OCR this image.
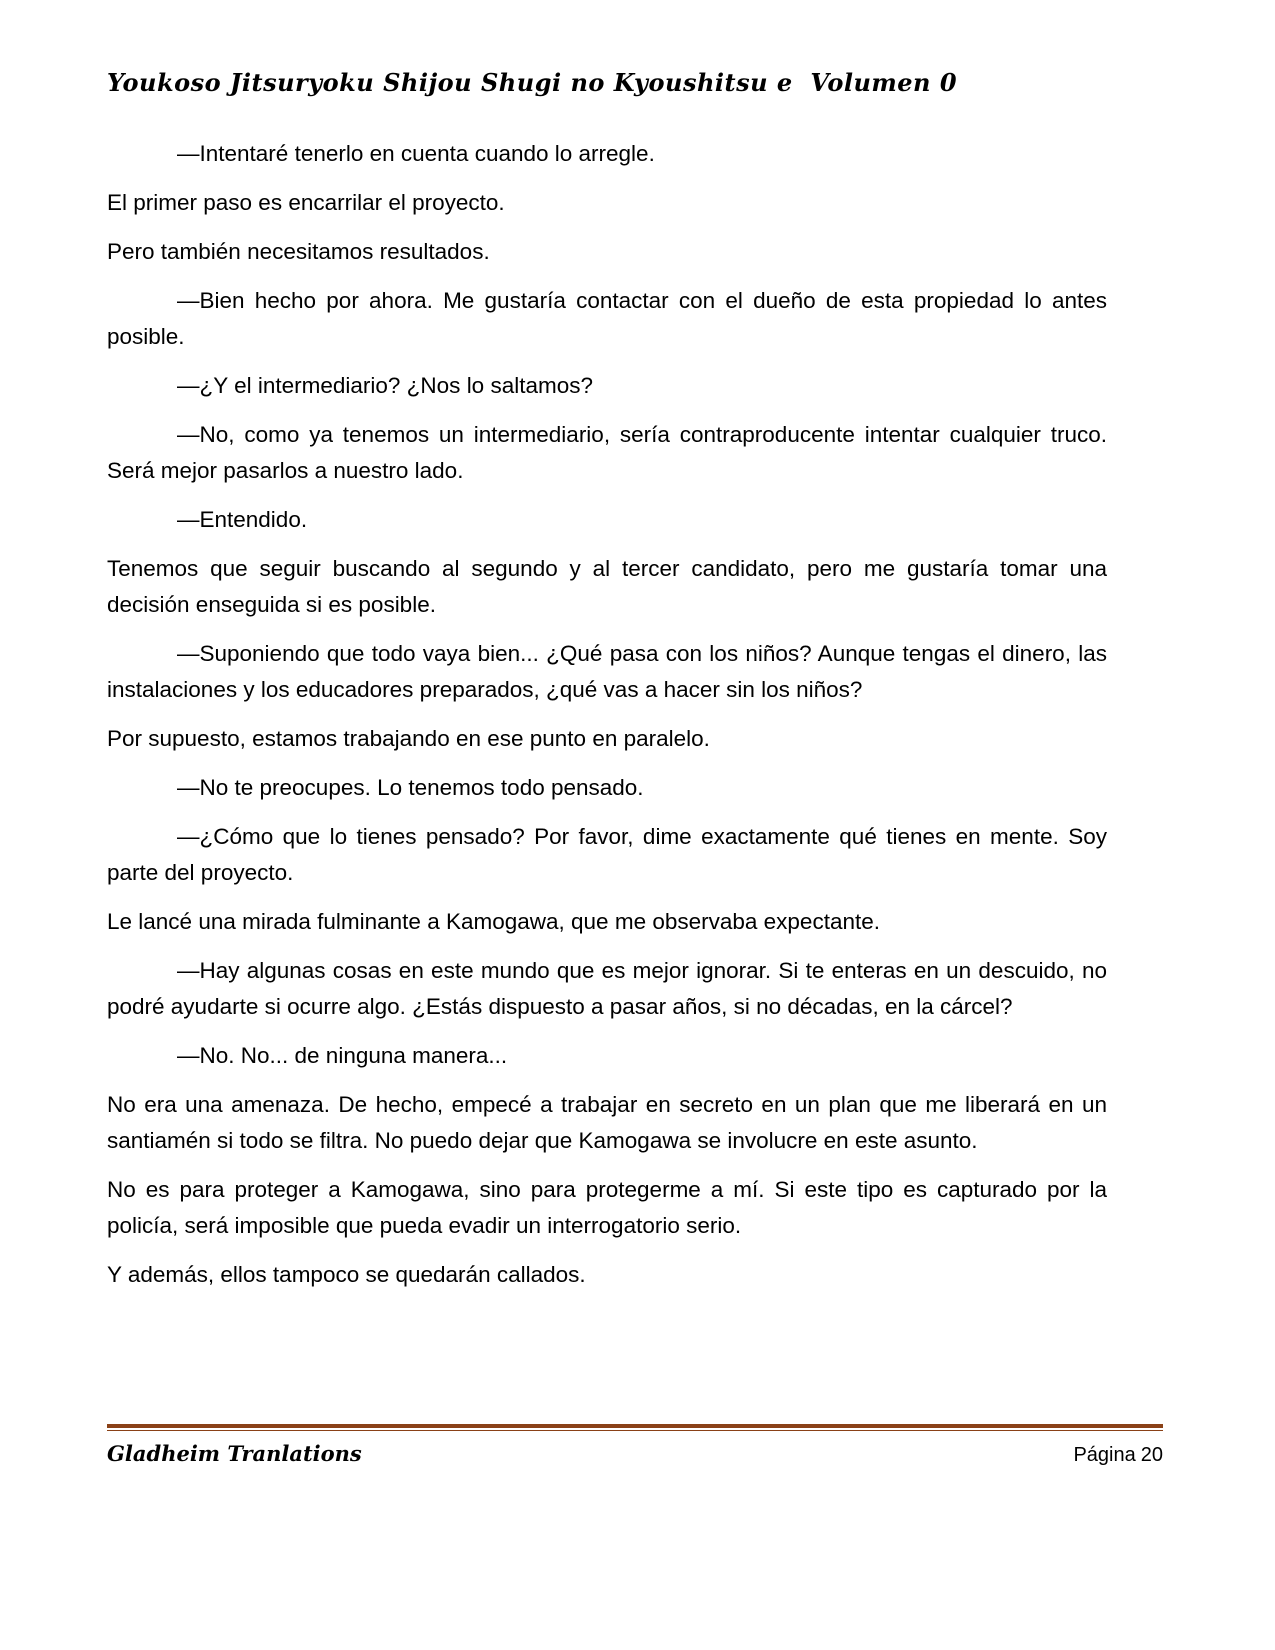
Youkoso Jitsuryoku Shijou Shugi no Kyoushitsu e  Volumen 0

—Intentaré tenerlo en cuenta cuando lo arregle.

El primer paso es encarrilar el proyecto.

Pero también necesitamos resultados.

—Bien hecho por ahora. Me gustaría contactar con el dueño de esta propiedad lo antes posible.

—¿Y el intermediario? ¿Nos lo saltamos?

—No, como ya tenemos un intermediario, sería contraproducente intentar cualquier truco. Será mejor pasarlos a nuestro lado.

—Entendido.

Tenemos que seguir buscando al segundo y al tercer candidato, pero me gustaría tomar una decisión enseguida si es posible.

—Suponiendo que todo vaya bien... ¿Qué pasa con los niños? Aunque tengas el dinero, las instalaciones y los educadores preparados, ¿qué vas a hacer sin los niños?

Por supuesto, estamos trabajando en ese punto en paralelo.

—No te preocupes. Lo tenemos todo pensado.

—¿Cómo que lo tienes pensado? Por favor, dime exactamente qué tienes en mente. Soy parte del proyecto.

Le lancé una mirada fulminante a Kamogawa, que me observaba expectante.

—Hay algunas cosas en este mundo que es mejor ignorar. Si te enteras en un descuido, no podré ayudarte si ocurre algo. ¿Estás dispuesto a pasar años, si no décadas, en la cárcel?

—No. No... de ninguna manera...

No era una amenaza. De hecho, empecé a trabajar en secreto en un plan que me liberará en un santiamén si todo se filtra. No puedo dejar que Kamogawa se involucre en este asunto.

No es para proteger a Kamogawa, sino para protegerme a mí. Si este tipo es capturado por la policía, será imposible que pueda evadir un interrogatorio serio.

Y además, ellos tampoco se quedarán callados.

Gladheim Tranlations	Página 20
